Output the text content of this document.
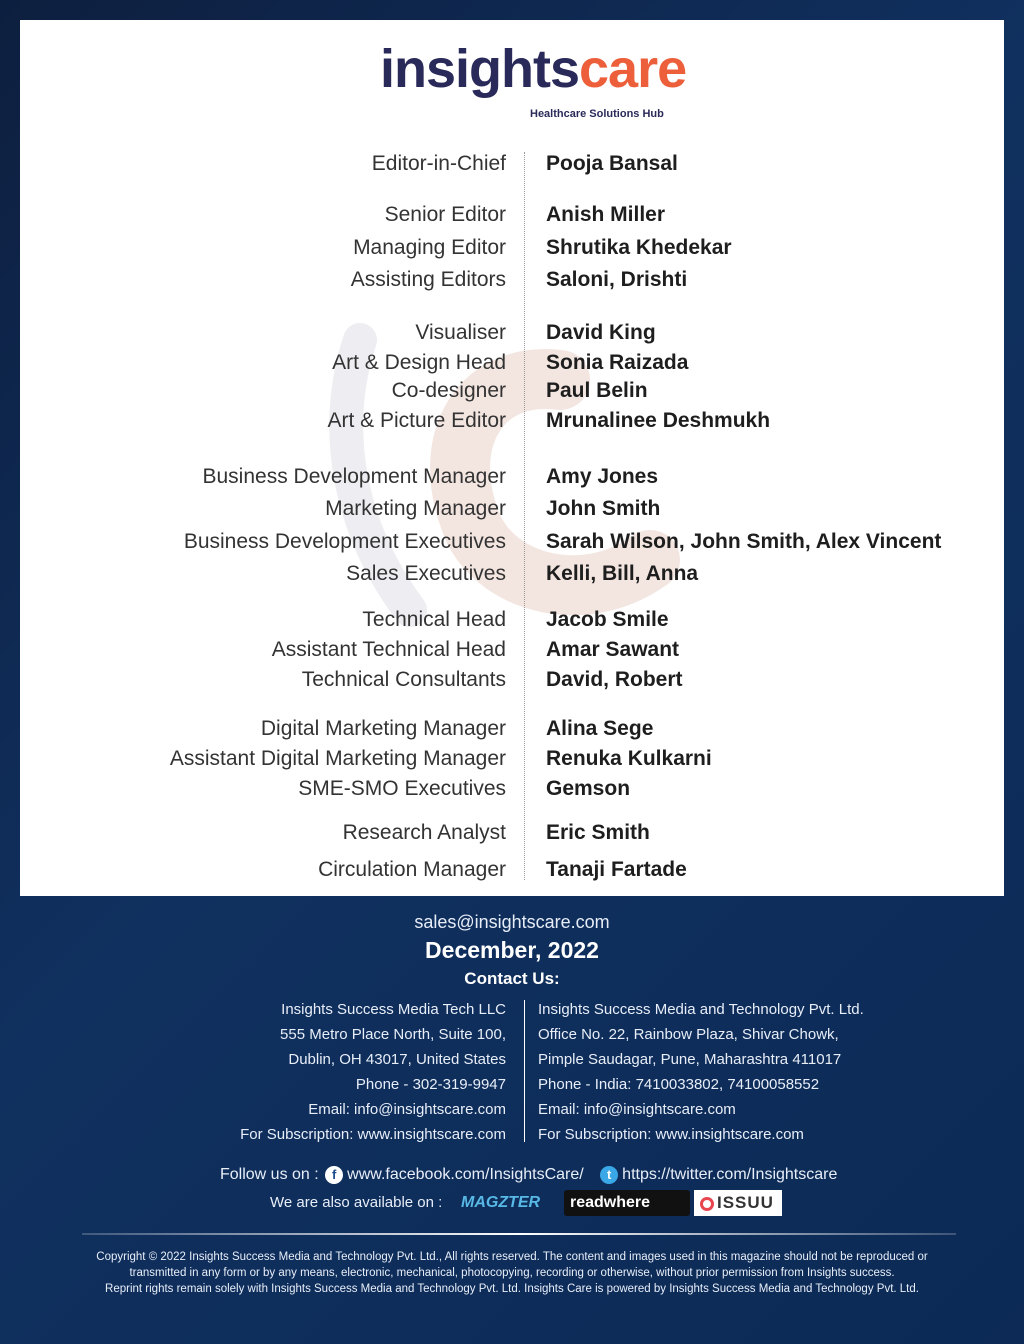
insightscare
Healthcare Solutions Hub
Editor-in-Chief Pooja Bansal
Senior Editor Anish Miller
Managing Editor Shrutika Khedekar
Assisting Editors Saloni, Drishti
Visualiser David King
Art & Design Head Sonia Raizada
Co-designer Paul Belin
Art & Picture Editor Mrunalinee Deshmukh
Business Development Manager Amy Jones
Marketing Manager John Smith
Business Development Executives Sarah Wilson, John Smith, Alex Vincent
Sales Executives Kelli, Bill, Anna
Technical Head Jacob Smile
Assistant Technical Head Amar Sawant
Technical Consultants David, Robert
Digital Marketing Manager Alina Sege
Assistant Digital Marketing Manager Renuka Kulkarni
SME-SMO Executives Gemson
Research Analyst Eric Smith
Circulation Manager Tanaji Fartade
sales@insightscare.com
December, 2022
Contact Us:
Insights Success Media Tech LLC
555 Metro Place North, Suite 100,
Dublin, OH 43017, United States
Phone - 302-319-9947
Email: info@insightscare.com
For Subscription: www.insightscare.com
Insights Success Media and Technology Pvt. Ltd.
Office No. 22, Rainbow Plaza, Shivar Chowk,
Pimple Saudagar, Pune, Maharashtra 411017
Phone - India: 7410033802, 74100058552
Email: info@insightscare.com
For Subscription: www.insightscare.com
Follow us on : f www.facebook.com/InsightsCare/ t https://twitter.com/Insightscare
We are also available on :	MAGZTER	readwhere	ISSUU
Copyright © 2022 Insights Success Media and Technology Pvt. Ltd., All rights reserved. The content and images used in this magazine should not be reproduced or
transmitted in any form or by any means, electronic, mechanical, photocopying, recording or otherwise, without prior permission from Insights success.
Reprint rights remain solely with Insights Success Media and Technology Pvt. Ltd. Insights Care is powered by Insights Success Media and Technology Pvt. Ltd.
